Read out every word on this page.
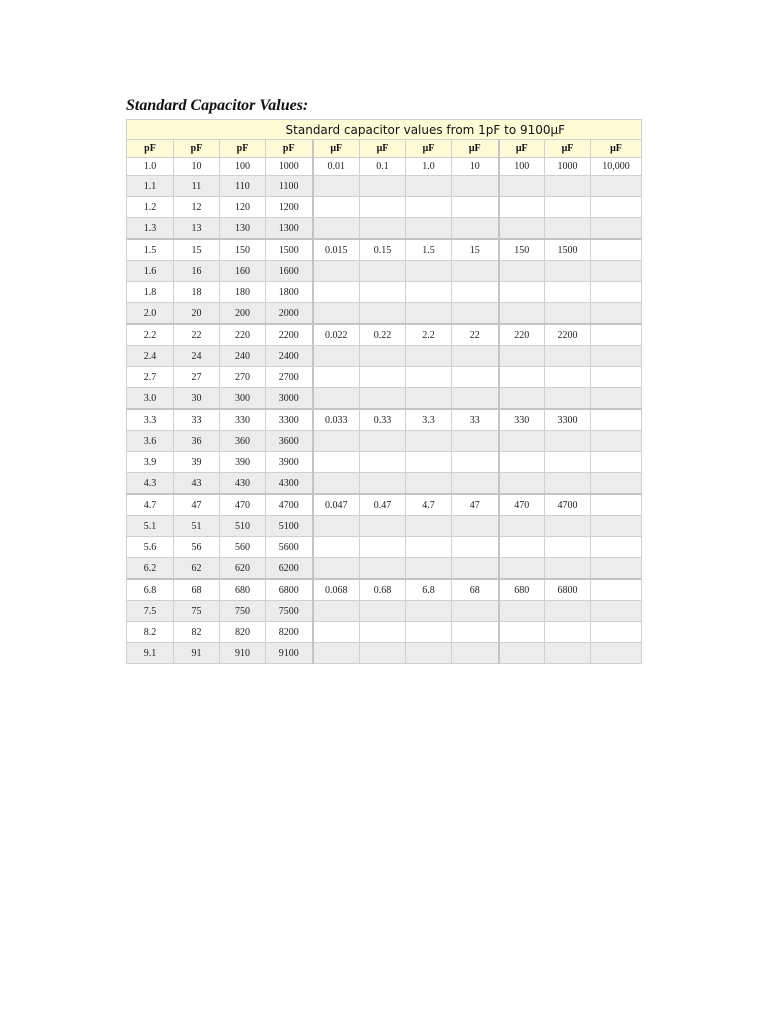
Standard Capacitor Values:
Standard capacitor values from 1pF to 9100μF										
pF	pF	pF	pF	μF	μF	μF	μF	μF	μF	μF
1.0	10	100	1000	0.01	0.1	1.0	10	100	1000	10,000
1.1	11	110	1100							
1.2	12	120	1200							
1.3	13	130	1300							
1.5	15	150	1500	0.015	0.15	1.5	15	150	1500	
1.6	16	160	1600							
1.8	18	180	1800							
2.0	20	200	2000							
2.2	22	220	2200	0.022	0.22	2.2	22	220	2200	
2.4	24	240	2400							
2.7	27	270	2700							
3.0	30	300	3000							
3.3	33	330	3300	0.033	0.33	3.3	33	330	3300	
3.6	36	360	3600							
3.9	39	390	3900							
4.3	43	430	4300							
4.7	47	470	4700	0.047	0.47	4.7	47	470	4700	
5.1	51	510	5100							
5.6	56	560	5600							
6.2	62	620	6200							
6.8	68	680	6800	0.068	0.68	6.8	68	680	6800	
7.5	75	750	7500							
8.2	82	820	8200							
9.1	91	910	9100							
